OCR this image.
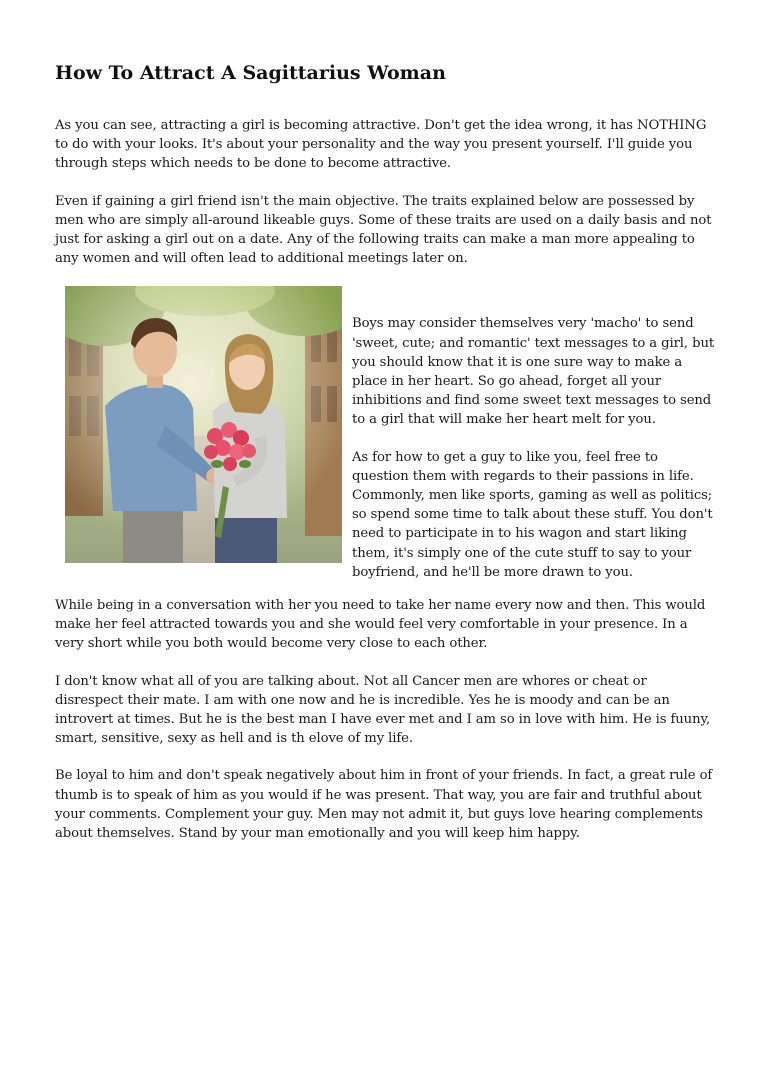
How To Attract A Sagittarius Woman

As you can see, attracting a girl is becoming attractive. Don't get the idea wrong, it has NOTHING to do with your looks. It's about your personality and the way you present yourself. I'll guide you through steps which needs to be done to become attractive.

Even if gaining a girl friend isn't the main objective. The traits explained below are possessed by men who are simply all-around likeable guys. Some of these traits are used on a daily basis and not just for asking a girl out on a date. Any of the following traits can make a man more appealing to any women and will often lead to additional meetings later on.

Boys may consider themselves very 'macho' to send 'sweet, cute; and romantic' text messages to a girl, but you should know that it is one sure way to make a place in her heart. So go ahead, forget all your inhibitions and find some sweet text messages to send to a girl that will make her heart melt for you.

As for how to get a guy to like you, feel free to question them with regards to their passions in life. Commonly, men like sports, gaming as well as politics; so spend some time to talk about these stuff. You don't need to participate in to his wagon and start liking them, it's simply one of the cute stuff to say to your boyfriend, and he'll be more drawn to you.

While being in a conversation with her you need to take her name every now and then. This would make her feel attracted towards you and she would feel very comfortable in your presence. In a very short while you both would become very close to each other.

I don't know what all of you are talking about. Not all Cancer men are whores or cheat or disrespect their mate. I am with one now and he is incredible. Yes he is moody and can be an introvert at times. But he is the best man I have ever met and I am so in love with him. He is fuuny, smart, sensitive, sexy as hell and is th elove of my life.

Be loyal to him and don't speak negatively about him in front of your friends. In fact, a great rule of thumb is to speak of him as you would if he was present. That way, you are fair and truthful about your comments. Complement your guy. Men may not admit it, but guys love hearing complements about themselves. Stand by your man emotionally and you will keep him happy.
